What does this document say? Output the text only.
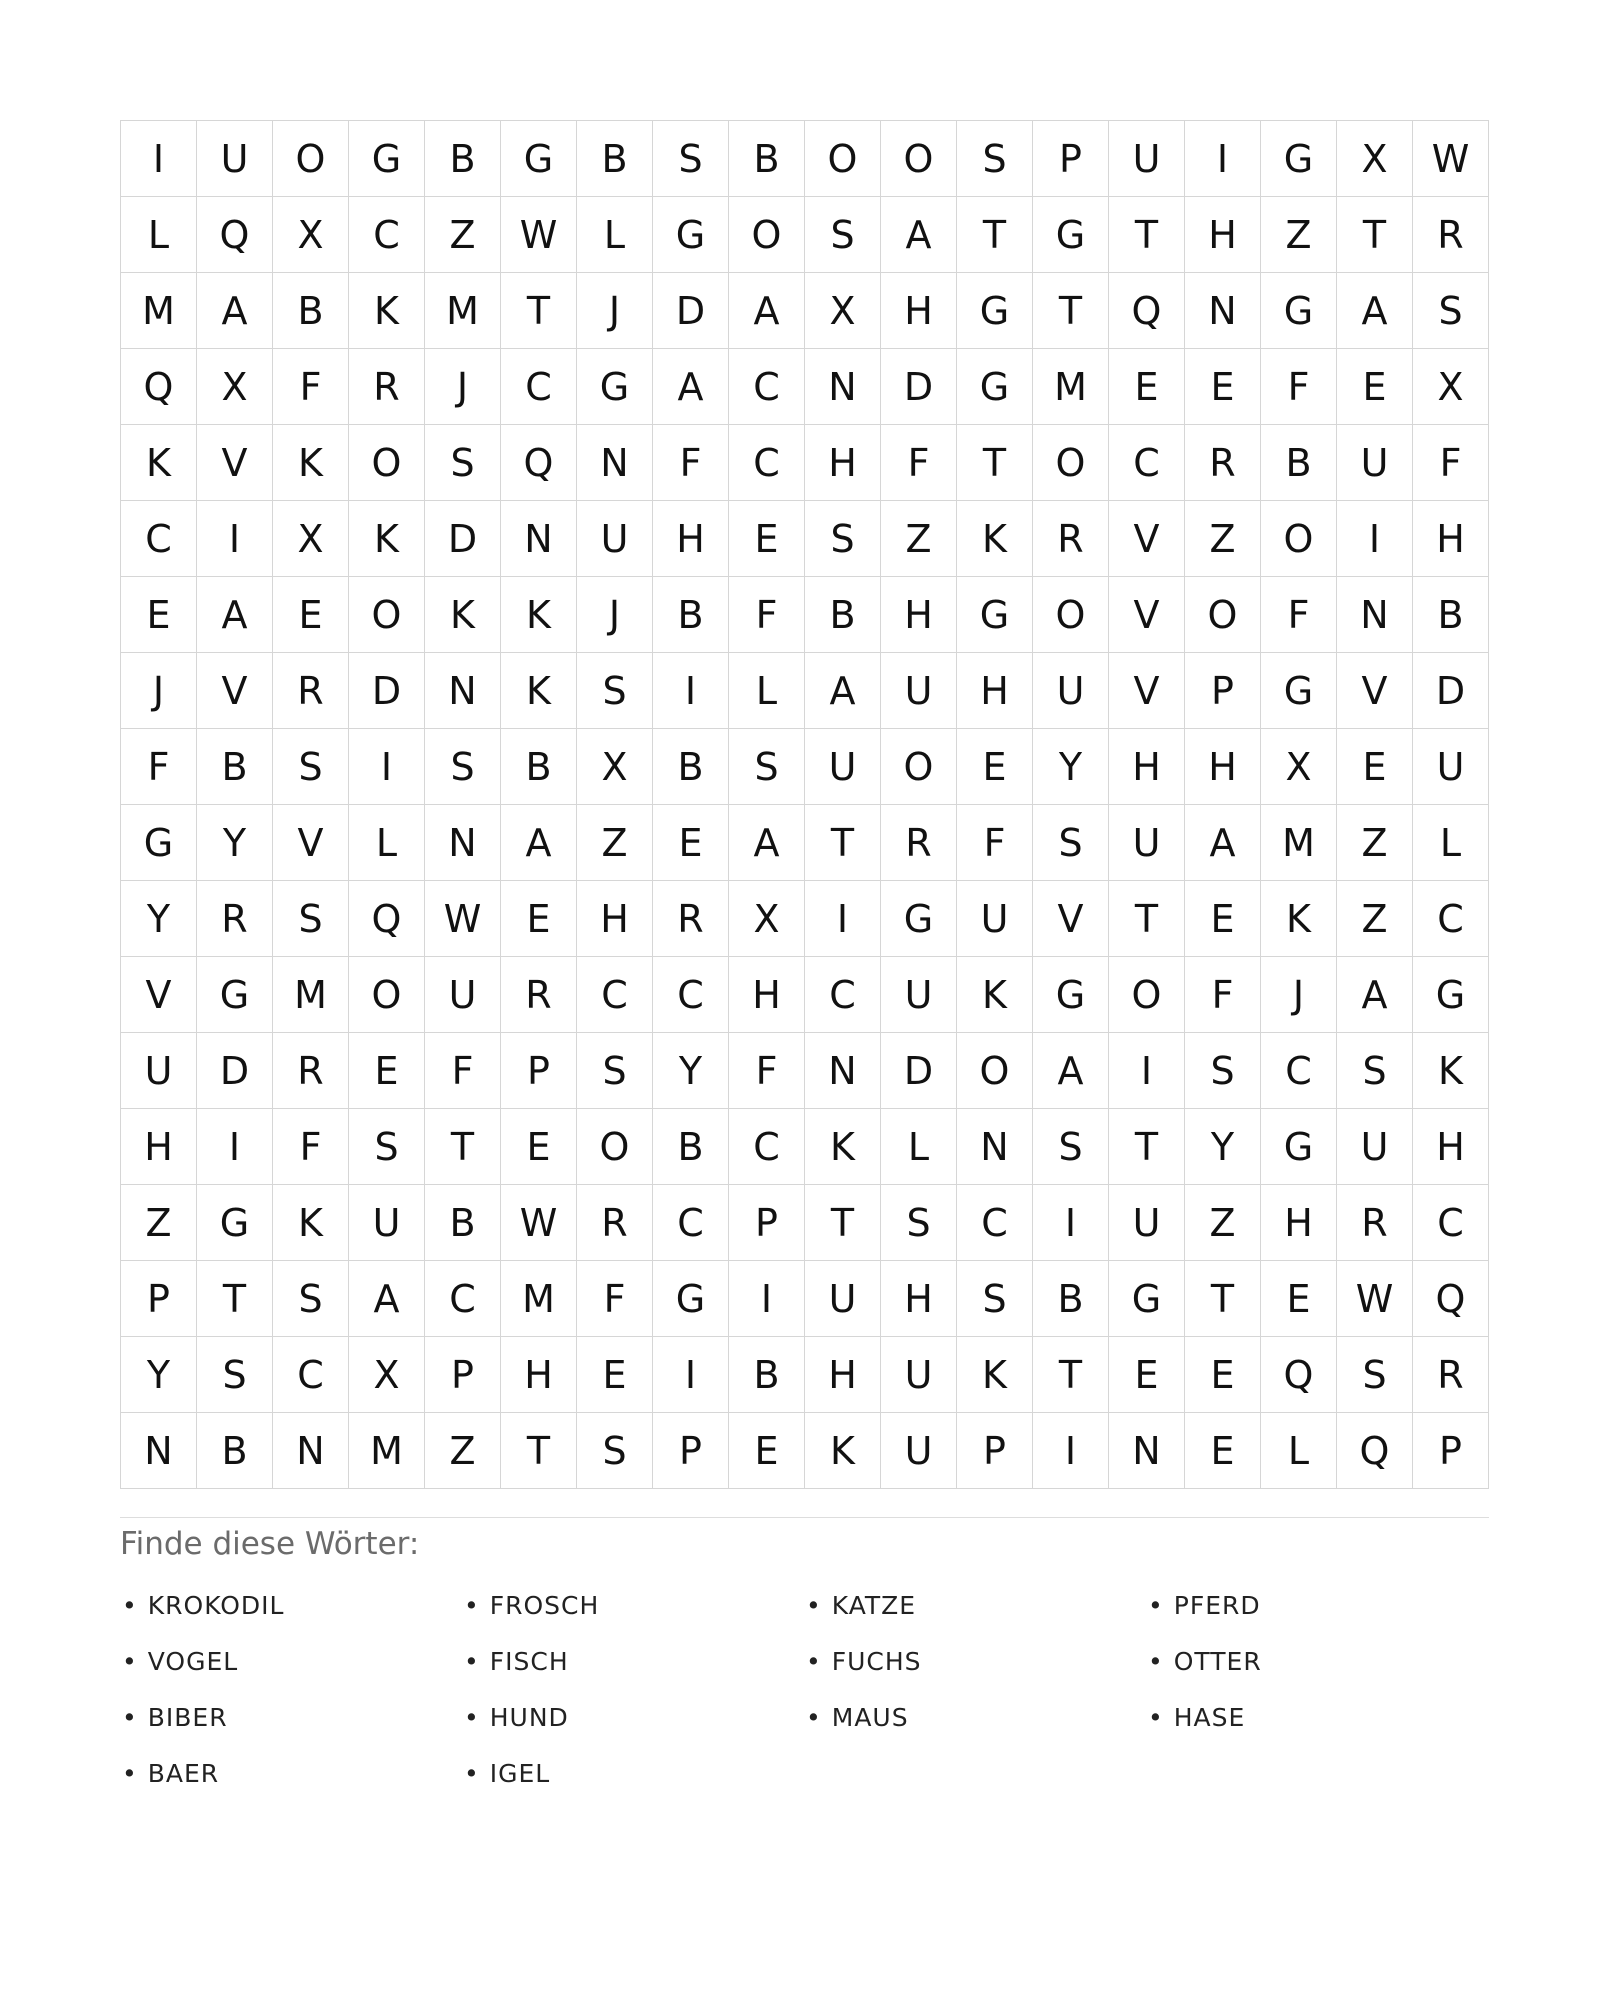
I	U	O	G	B	G	B	S	B	O	O	S	P	U	I	G	X	W
L	Q	X	C	Z	W	L	G	O	S	A	T	G	T	H	Z	T	R
M	A	B	K	M	T	J	D	A	X	H	G	T	Q	N	G	A	S
Q	X	F	R	J	C	G	A	C	N	D	G	M	E	E	F	E	X
K	V	K	O	S	Q	N	F	C	H	F	T	O	C	R	B	U	F
C	I	X	K	D	N	U	H	E	S	Z	K	R	V	Z	O	I	H
E	A	E	O	K	K	J	B	F	B	H	G	O	V	O	F	N	B
J	V	R	D	N	K	S	I	L	A	U	H	U	V	P	G	V	D
F	B	S	I	S	B	X	B	S	U	O	E	Y	H	H	X	E	U
G	Y	V	L	N	A	Z	E	A	T	R	F	S	U	A	M	Z	L
Y	R	S	Q	W	E	H	R	X	I	G	U	V	T	E	K	Z	C
V	G	M	O	U	R	C	C	H	C	U	K	G	O	F	J	A	G
U	D	R	E	F	P	S	Y	F	N	D	O	A	I	S	C	S	K
H	I	F	S	T	E	O	B	C	K	L	N	S	T	Y	G	U	H
Z	G	K	U	B	W	R	C	P	T	S	C	I	U	Z	H	R	C
P	T	S	A	C	M	F	G	I	U	H	S	B	G	T	E	W	Q
Y	S	C	X	P	H	E	I	B	H	U	K	T	E	E	Q	S	R
N	B	N	M	Z	T	S	P	E	K	U	P	I	N	E	L	Q	P
Finde diese Wörter:
• KROKODIL	• FROSCH	• KATZE	• PFERD
• VOGEL	• FISCH	• FUCHS	• OTTER
• BIBER	• HUND	• MAUS	• HASE
• BAER	• IGEL
